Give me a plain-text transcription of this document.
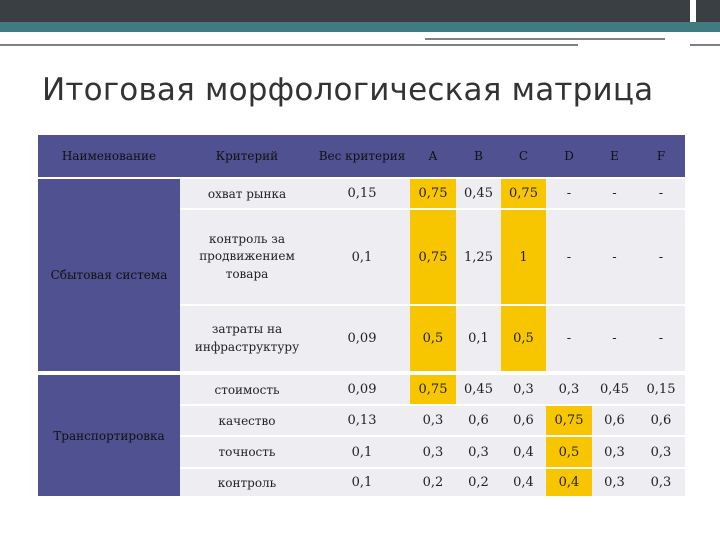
Итоговая морфологическая матрица
Наименование	Критерий	Вес критерия	A	B	C	D	E	F
Сбытовая система	охват рынка	0,15	0,75	0,45	0,75	-	-	-

	контроль за продвижением товара	0,1	0,75	1,25	1	-	-	-

	затраты на инфраструктуру	0,09	0,5	0,1	0,5	-	-	-
Транспортировка	стоимость	0,09	0,75	0,45	0,3	0,3	0,45	0,15
	качество	0,13	0,3	0,6	0,6	0,75	0,6	0,6
	точность	0,1	0,3	0,3	0,4	0,5	0,3	0,3
	контроль	0,1	0,2	0,2	0,4	0,4	0,3	0,3
